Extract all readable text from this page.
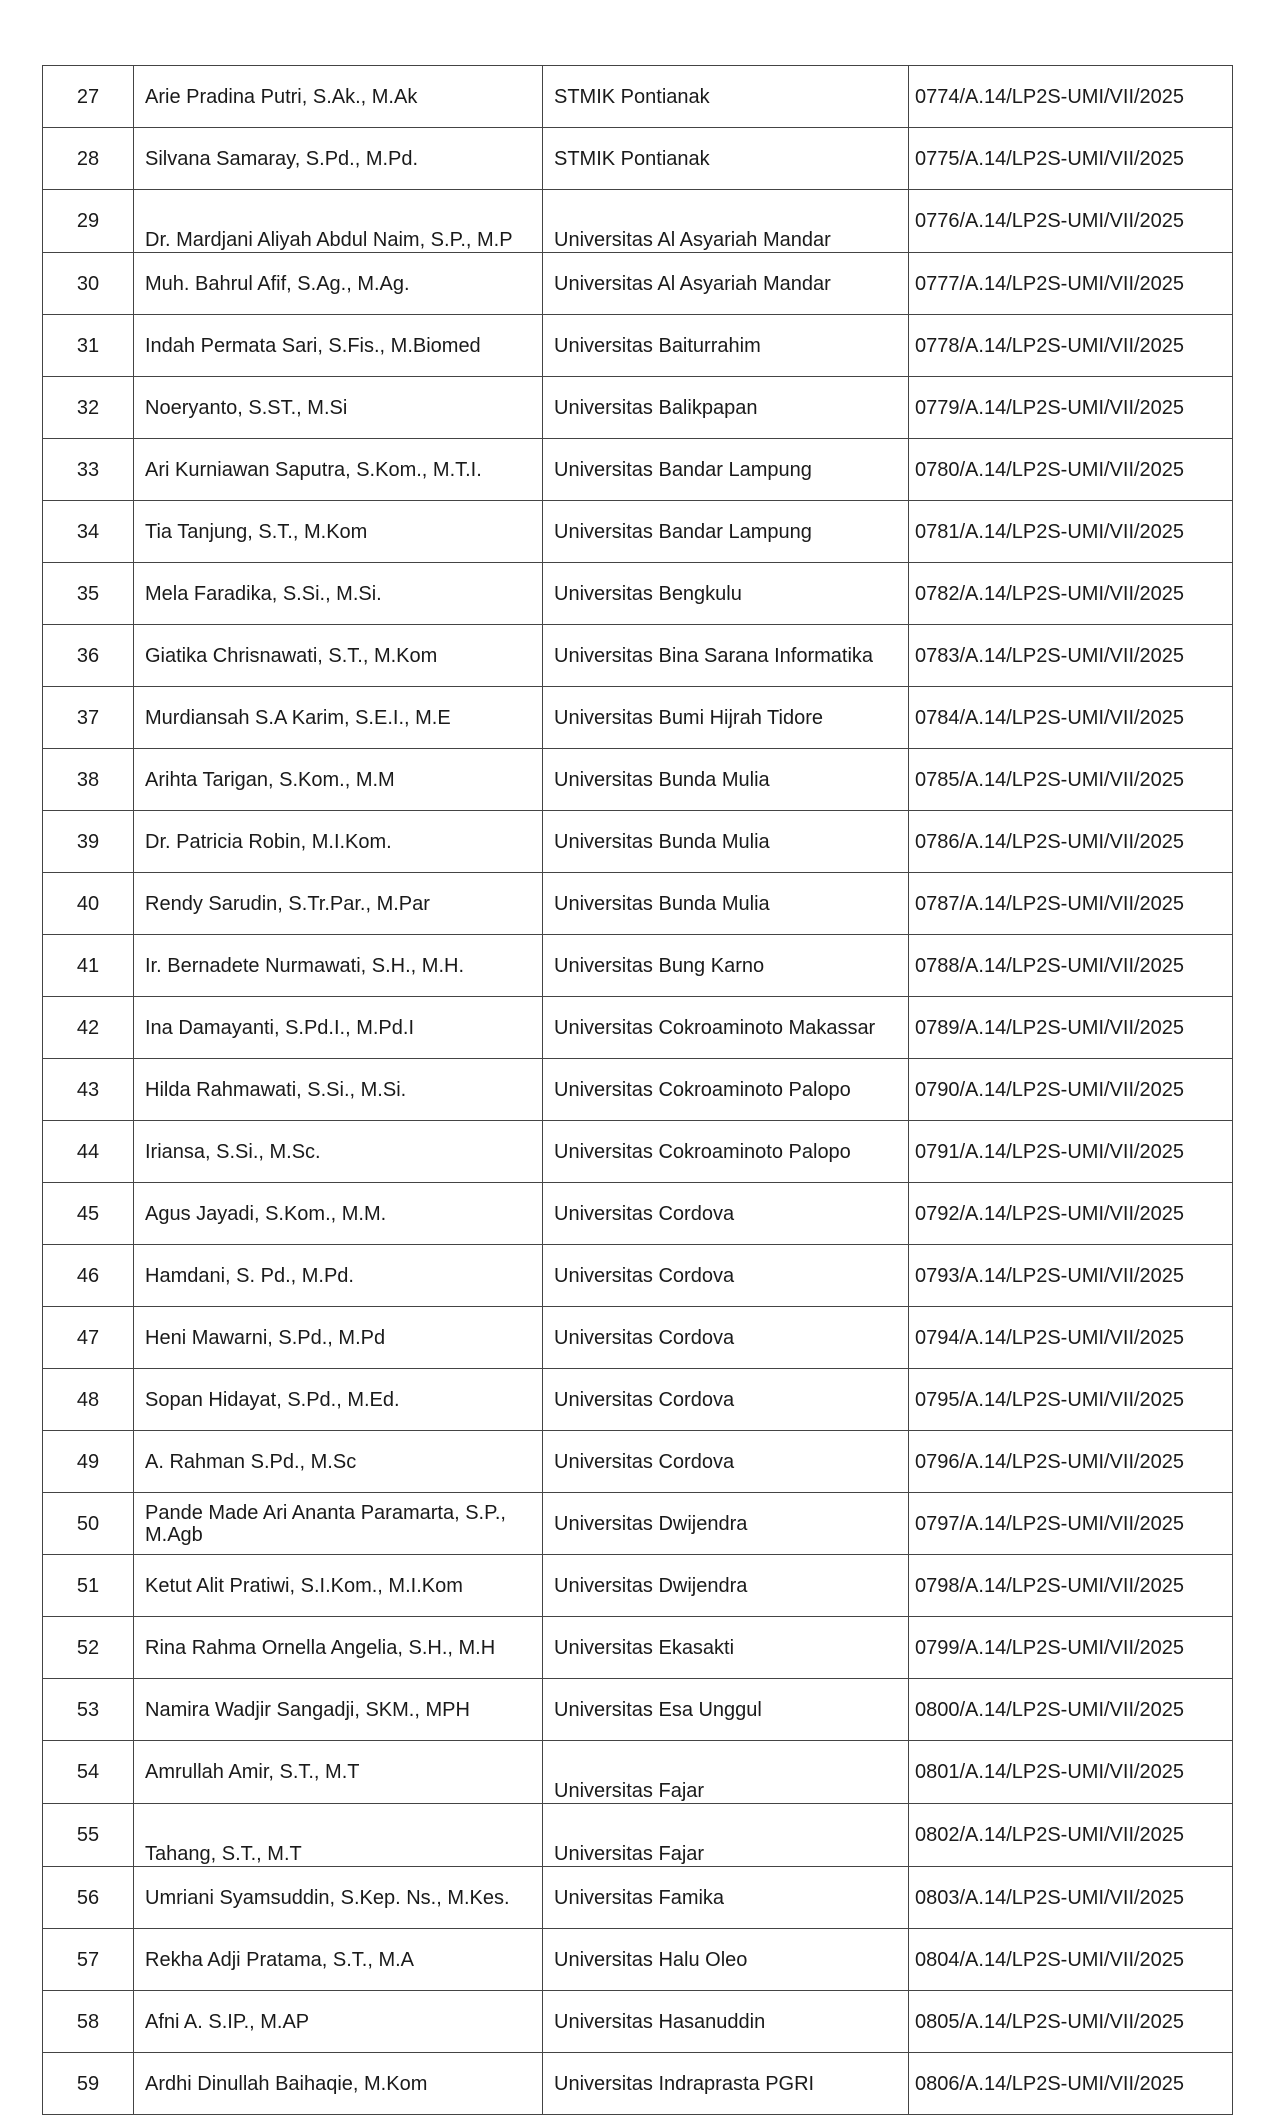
27	Arie Pradina Putri, S.Ak., M.Ak	STMIK Pontianak	0774/A.14/LP2S-UMI/VII/2025
28	Silvana Samaray, S.Pd., M.Pd.	STMIK Pontianak	0775/A.14/LP2S-UMI/VII/2025
29	Dr. Mardjani Aliyah Abdul Naim, S.P., M.P	Universitas Al Asyariah Mandar	0776/A.14/LP2S-UMI/VII/2025
30	Muh. Bahrul Afif, S.Ag., M.Ag.	Universitas Al Asyariah Mandar	0777/A.14/LP2S-UMI/VII/2025
31	Indah Permata Sari, S.Fis., M.Biomed	Universitas Baiturrahim	0778/A.14/LP2S-UMI/VII/2025
32	Noeryanto, S.ST., M.Si	Universitas Balikpapan	0779/A.14/LP2S-UMI/VII/2025
33	Ari Kurniawan Saputra, S.Kom., M.T.I.	Universitas Bandar Lampung	0780/A.14/LP2S-UMI/VII/2025
34	Tia Tanjung, S.T., M.Kom	Universitas Bandar Lampung	0781/A.14/LP2S-UMI/VII/2025
35	Mela Faradika, S.Si., M.Si.	Universitas Bengkulu	0782/A.14/LP2S-UMI/VII/2025
36	Giatika Chrisnawati, S.T., M.Kom	Universitas Bina Sarana Informatika	0783/A.14/LP2S-UMI/VII/2025
37	Murdiansah S.A Karim, S.E.I., M.E	Universitas Bumi Hijrah Tidore	0784/A.14/LP2S-UMI/VII/2025
38	Arihta Tarigan, S.Kom., M.M	Universitas Bunda Mulia	0785/A.14/LP2S-UMI/VII/2025
39	Dr. Patricia Robin, M.I.Kom.	Universitas Bunda Mulia	0786/A.14/LP2S-UMI/VII/2025
40	Rendy Sarudin, S.Tr.Par., M.Par	Universitas Bunda Mulia	0787/A.14/LP2S-UMI/VII/2025
41	Ir. Bernadete Nurmawati, S.H., M.H.	Universitas Bung Karno	0788/A.14/LP2S-UMI/VII/2025
42	Ina Damayanti, S.Pd.I., M.Pd.I	Universitas Cokroaminoto Makassar	0789/A.14/LP2S-UMI/VII/2025
43	Hilda Rahmawati, S.Si., M.Si.	Universitas Cokroaminoto Palopo	0790/A.14/LP2S-UMI/VII/2025
44	Iriansa, S.Si., M.Sc.	Universitas Cokroaminoto Palopo	0791/A.14/LP2S-UMI/VII/2025
45	Agus Jayadi, S.Kom., M.M.	Universitas Cordova	0792/A.14/LP2S-UMI/VII/2025
46	Hamdani, S. Pd., M.Pd.	Universitas Cordova	0793/A.14/LP2S-UMI/VII/2025
47	Heni Mawarni, S.Pd., M.Pd	Universitas Cordova	0794/A.14/LP2S-UMI/VII/2025
48	Sopan Hidayat, S.Pd., M.Ed.	Universitas Cordova	0795/A.14/LP2S-UMI/VII/2025
49	A. Rahman S.Pd., M.Sc	Universitas Cordova	0796/A.14/LP2S-UMI/VII/2025
50	Pande Made Ari Ananta Paramarta, S.P., M.Agb	Universitas Dwijendra	0797/A.14/LP2S-UMI/VII/2025
51	Ketut Alit Pratiwi, S.I.Kom., M.I.Kom	Universitas Dwijendra	0798/A.14/LP2S-UMI/VII/2025
52	Rina Rahma Ornella Angelia, S.H., M.H	Universitas Ekasakti	0799/A.14/LP2S-UMI/VII/2025
53	Namira Wadjir Sangadji, SKM., MPH	Universitas Esa Unggul	0800/A.14/LP2S-UMI/VII/2025
54	Amrullah Amir, S.T., M.T	Universitas Fajar	0801/A.14/LP2S-UMI/VII/2025
55	Tahang, S.T., M.T	Universitas Fajar	0802/A.14/LP2S-UMI/VII/2025
56	Umriani Syamsuddin, S.Kep. Ns., M.Kes.	Universitas Famika	0803/A.14/LP2S-UMI/VII/2025
57	Rekha Adji Pratama, S.T., M.A	Universitas Halu Oleo	0804/A.14/LP2S-UMI/VII/2025
58	Afni A. S.IP., M.AP	Universitas Hasanuddin	0805/A.14/LP2S-UMI/VII/2025
59	Ardhi Dinullah Baihaqie, M.Kom	Universitas Indraprasta PGRI	0806/A.14/LP2S-UMI/VII/2025
